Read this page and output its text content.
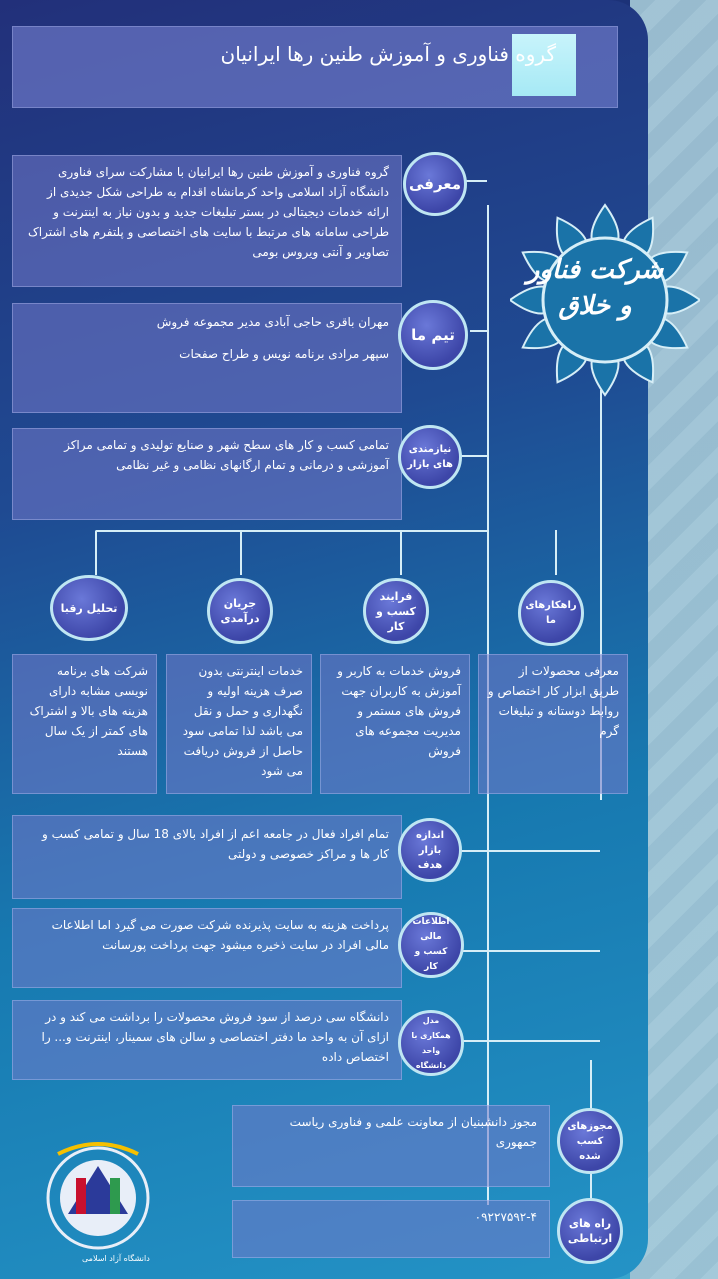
گروه فناوری و آموزش طنین رها ایرانیان
شرکت فناور
و خلاق

گروه فناوری و آموزش طنین رها ایرانیان با مشارکت سرای فناوری دانشگاه آزاد اسلامی واحد کرمانشاه اقدام به طراحی شکل جدیدی از ارائه خدمات دیجیتالی در بستر تبلیغات جدید و بدون نیاز به اینترنت و طراحی سامانه های مرتبط با سایت های اختصاصی و پلتفرم های اشتراک تصاویر و آنتی ویروس بومی

معرفی

مهران باقری حاجی آبادی مدیر مجموعه فروش

سپهر مرادی برنامه نویس و طراح صفحات

تیم ما

تمامی کسب و کار های سطح شهر و صنایع تولیدی و تمامی مراکز آموزشی و درمانی و تمام ارگانهای نظامی و غیر نظامی

نیازمندی های بازار
راهکارهای ما
فرایند کسب و کار
جریان درآمدی
تحلیل رقبا

معرفی محصولات از طریق ابزار کار اختصاص و روابط دوستانه و تبلیغات گرم

فروش خدمات به کاربر و آموزش به کاربران جهت فروش های مستمر و مدیریت مجموعه های فروش

خدمات اینترنتی بدون صرف هزینه اولیه و نگهداری و حمل و نقل می باشد لذا تمامی سود حاصل از فروش دریافت می شود

شرکت های برنامه نویسی مشابه دارای هزینه های بالا و اشتراک های کمتر از یک سال هستند

تمام افراد فعال در جامعه اعم از افراد بالای 18 سال و تمامی کسب و کار ها و مراکز خصوصی و دولتی

اندازه بازار هدف

پرداخت هزینه به سایت پذیرنده شرکت صورت می گیرد اما اطلاعات مالی افراد در سایت ذخیره میشود جهت پرداخت پورسانت

اطلاعات مالی کسب و کار

دانشگاه سی درصد از سود فروش محصولات را برداشت می کند و در ازای آن به واحد ما دفتر اختصاصی و سالن های سمینار، اینترنت و... را اختصاص داده

مدل همکاری با واحد دانشگاه

مجوز دانشبنیان از معاونت علمی و فناوری ریاست جمهوری

مجوزهای کسب شده

۰۹۲۲۷۵۹۲-۴	راه های ارتباطی
دانشگاه آزاد اسلامی
